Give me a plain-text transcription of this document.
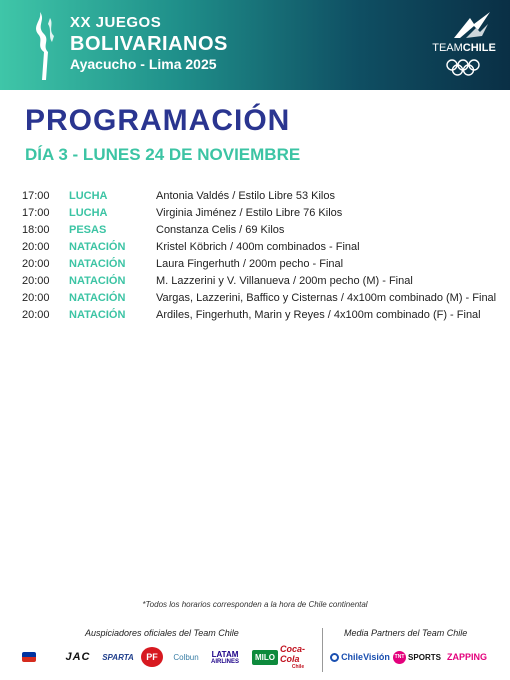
XX JUEGOS
BOLIVARIANOS
Ayacucho - Lima 2025
TEAMCHILE
PROGRAMACIÓN
DÍA 3 - LUNES 24 DE NOVIEMBRE
17:00 LUCHA	Antonia Valdés / Estilo Libre 53 Kilos
17:00 LUCHA	Virginia Jiménez / Estilo Libre 76 Kilos
18:00 PESAS	Constanza Celis / 69 Kilos
20:00 NATACIÓN	Kristel Köbrich / 400m combinados - Final
20:00 NATACIÓN	Laura Fingerhuth / 200m pecho - Final
20:00 NATACIÓN	M. Lazzerini y V. Villanueva / 200m pecho (M) - Final
20:00 NATACIÓN	Vargas, Lazzerini, Baffico y Cisternas / 4x100m combinado (M) - Final
20:00 NATACIÓN	Ardiles, Fingerhuth, Marin y Reyes / 4x100m combinado (F) - Final
*Todos los horarios corresponden a la hora de Chile continental
Auspiciadores oficiales del Team Chile	Media Partners del Team Chile
JAC	SPARTA	PF	Colbun	LATAM
AIRLINES	MILO
Coca-Cola
Chile
ChileVisión TNT SPORTS ZAPPING
